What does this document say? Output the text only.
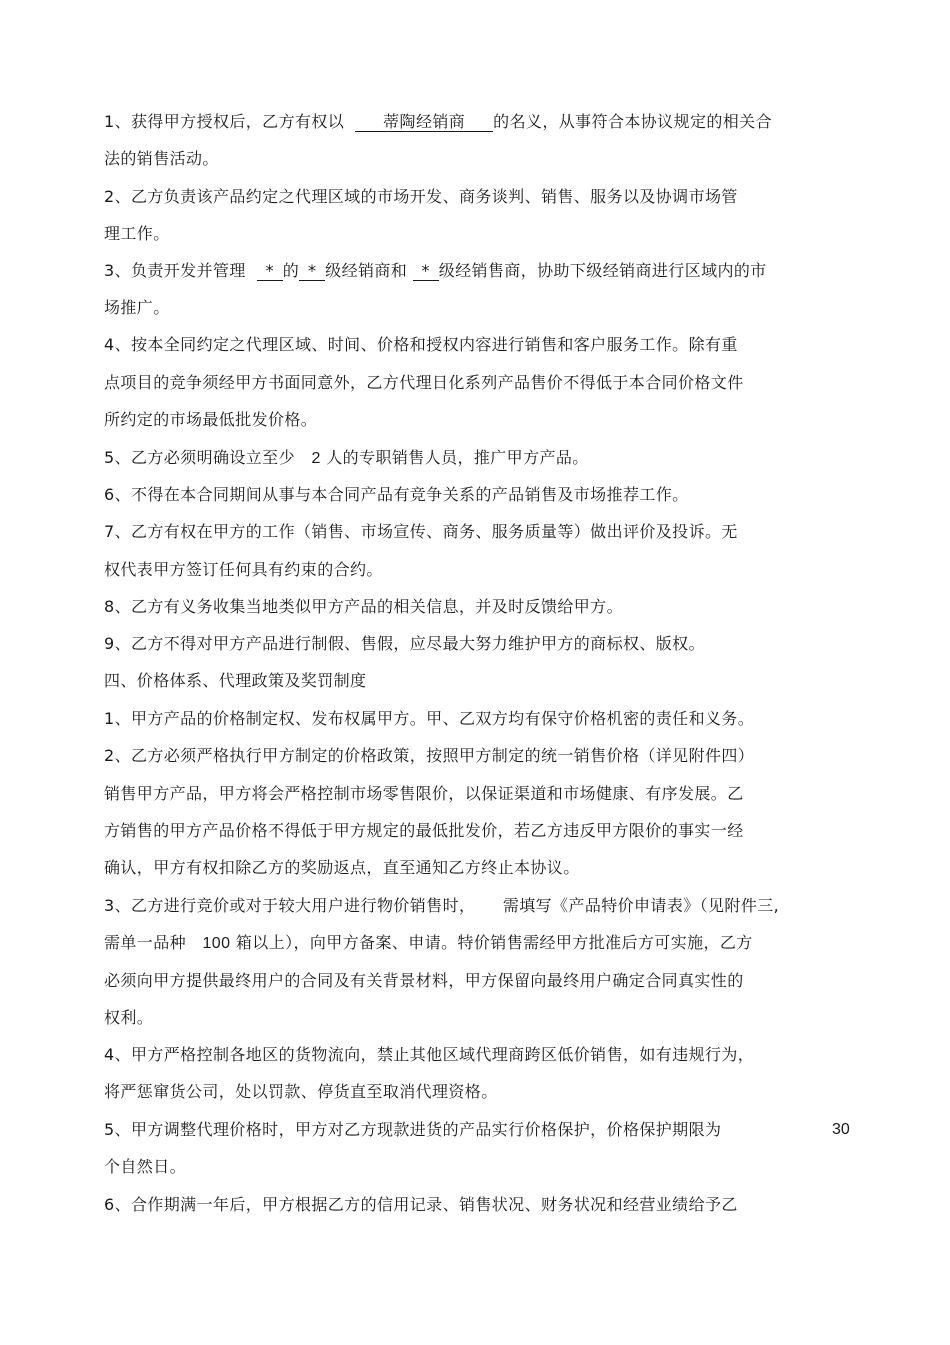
1、获得甲方授权后，乙方有权以 蒂陶经销商 的名义，从事符合本协议规定的相关合
法的销售活动。
2、乙方负责该产品约定之代理区域的市场开发、商务谈判、销售、服务以及协调市场管
理工作。
3、负责开发并管理 * 的 * 级经销商和 * 级经销售商，协助下级经销商进行区域内的市
场推广。
4、按本全同约定之代理区域、时间、价格和授权内容进行销售和客户服务工作。除有重
点项目的竞争须经甲方书面同意外，乙方代理日化系列产品售价不得低于本合同价格文件
所约定的市场最低批发价格。
5、乙方必须明确设立至少 2 人的专职销售人员，推广甲方产品。
6、不得在本合同期间从事与本合同产品有竞争关系的产品销售及市场推荐工作。
7、乙方有权在甲方的工作（销售、市场宣传、商务、服务质量等）做出评价及投诉。无
权代表甲方签订任何具有约束的合约。
8、乙方有义务收集当地类似甲方产品的相关信息，并及时反馈给甲方。
9、乙方不得对甲方产品进行制假、售假，应尽最大努力维护甲方的商标权、版权。
四、价格体系、代理政策及奖罚制度
1、甲方产品的价格制定权、发布权属甲方。甲、乙双方均有保守价格机密的责任和义务。
2、乙方必须严格执行甲方制定的价格政策，按照甲方制定的统一销售价格（详见附件四）
销售甲方产品，甲方将会严格控制市场零售限价，以保证渠道和市场健康、有序发展。乙
方销售的甲方产品价格不得低于甲方规定的最低批发价，若乙方违反甲方限价的事实一经
确认，甲方有权扣除乙方的奖励返点，直至通知乙方终止本协议。
3、乙方进行竞价或对于较大用户进行物价销售时， 需填写《产品特价申请表》（见附件三,
需单一品种 100 箱以上），向甲方备案、申请。特价销售需经甲方批准后方可实施，乙方
必须向甲方提供最终用户的合同及有关背景材料，甲方保留向最终用户确定合同真实性的
权利。
4、甲方严格控制各地区的货物流向，禁止其他区域代理商跨区低价销售，如有违规行为，
将严惩窜货公司，处以罚款、停货直至取消代理资格。
5、甲方调整代理价格时，甲方对乙方现款进货的产品实行价格保护，价格保护期限为	30
个自然日。
6、合作期满一年后，甲方根据乙方的信用记录、销售状况、财务状况和经营业绩给予乙
